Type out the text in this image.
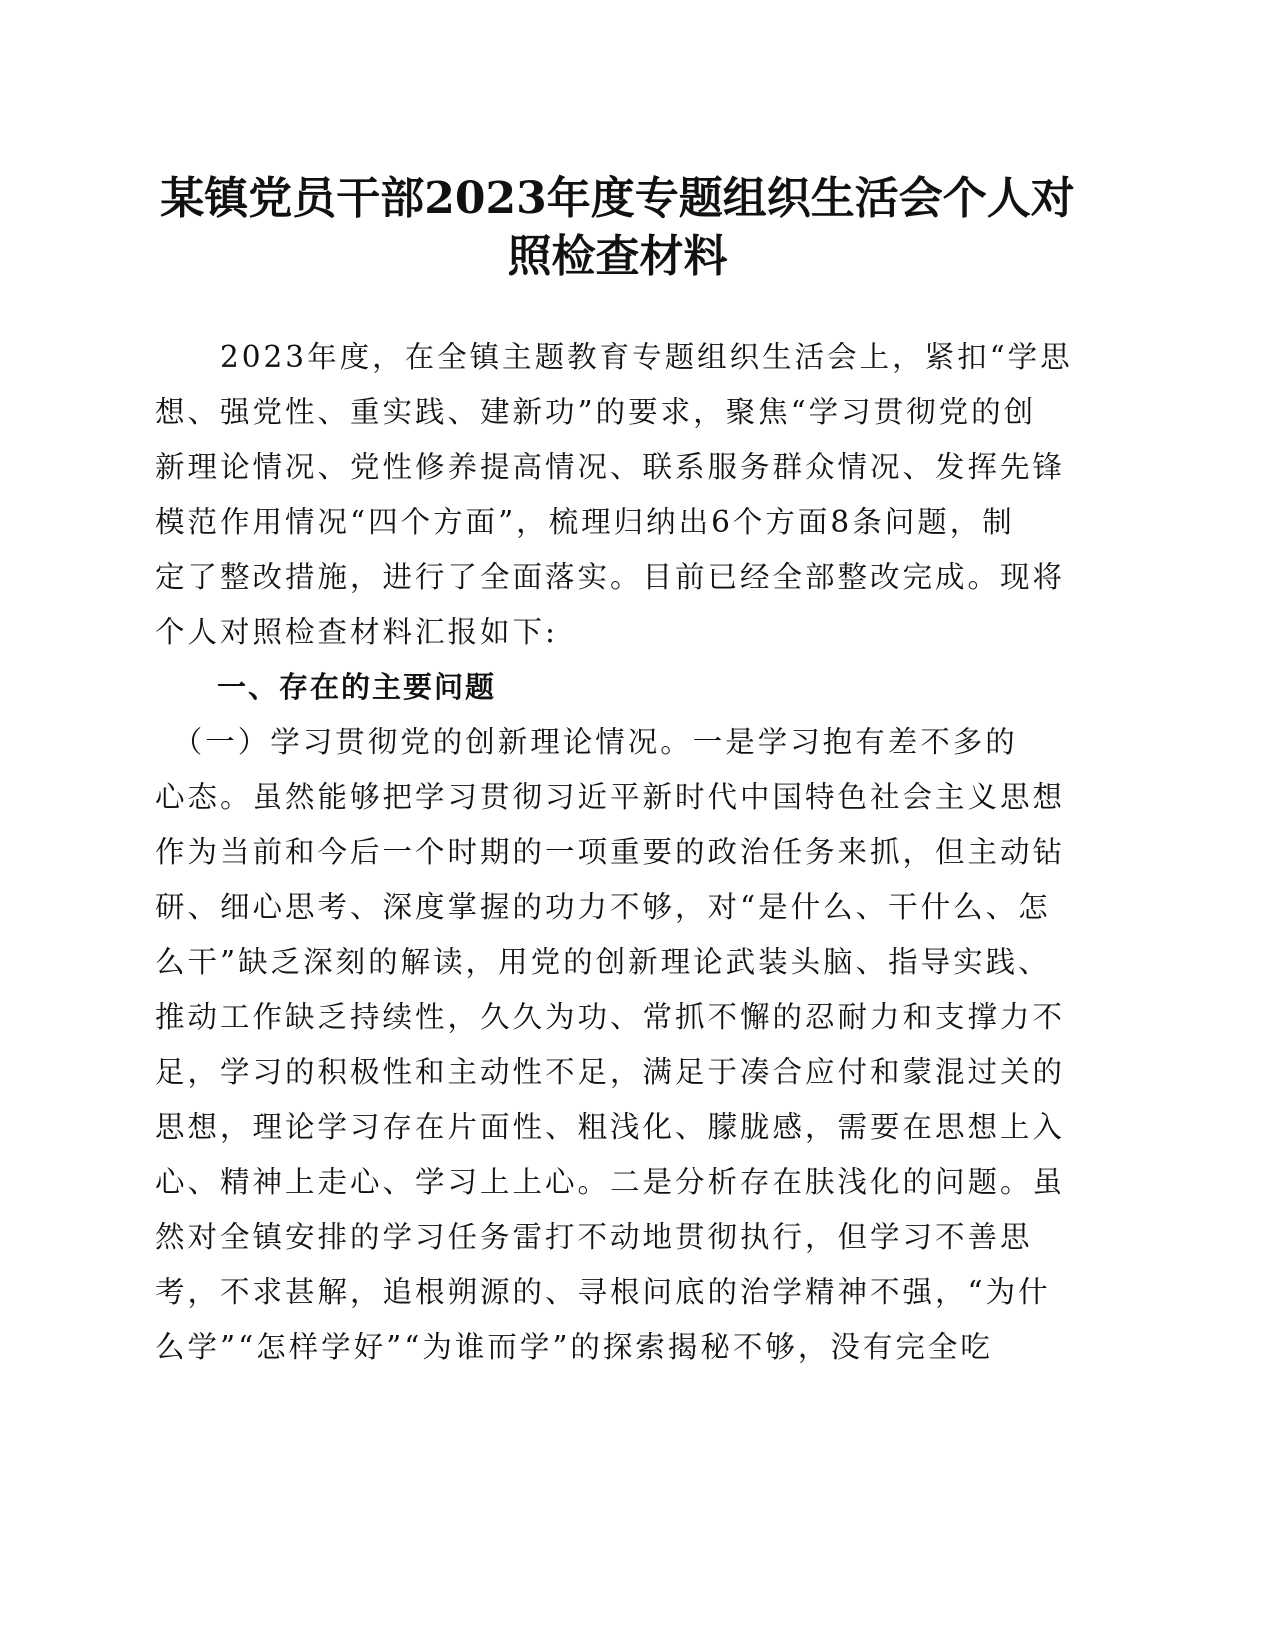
某镇党员干部2023年度专题组织生活会个人对
照检查材料
　　2023年度，在全镇主题教育专题组织生活会上，紧扣“学思
想、强党性、重实践、建新功”的要求，聚焦“学习贯彻党的创
新理论情况、党性修养提高情况、联系服务群众情况、发挥先锋
模范作用情况“四个方面”，梳理归纳出6个方面8条问题，制
定了整改措施，进行了全面落实。目前已经全部整改完成。现将
个人对照检查材料汇报如下:
　　一、存在的主要问题
　（一）学习贯彻党的创新理论情况。一是学习抱有差不多的
心态。虽然能够把学习贯彻习近平新时代中国特色社会主义思想
作为当前和今后一个时期的一项重要的政治任务来抓，但主动钻
研、细心思考、深度掌握的功力不够，对“是什么、干什么、怎
么干”缺乏深刻的解读，用党的创新理论武装头脑、指导实践、
推动工作缺乏持续性，久久为功、常抓不懈的忍耐力和支撑力不
足，学习的积极性和主动性不足，满足于凑合应付和蒙混过关的
思想，理论学习存在片面性、粗浅化、朦胧感，需要在思想上入
心、精神上走心、学习上上心。二是分析存在肤浅化的问题。虽
然对全镇安排的学习任务雷打不动地贯彻执行，但学习不善思
考，不求甚解，追根朔源的、寻根问底的治学精神不强，“为什
么学”“怎样学好”“为谁而学”的探索揭秘不够，没有完全吃
